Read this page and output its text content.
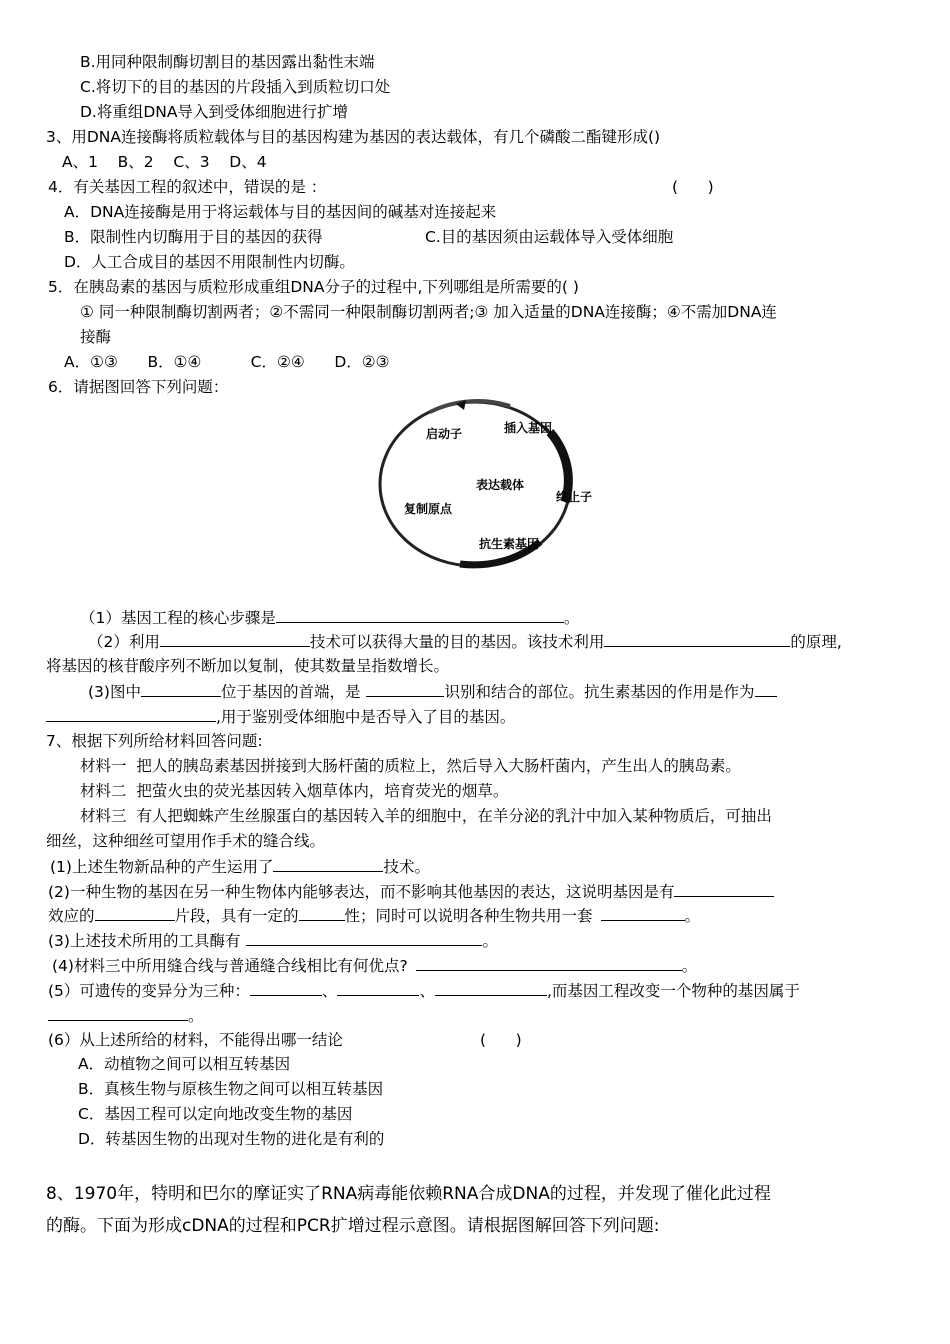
B.用同种限制酶切割目的基因露出黏性末端
C.将切下的目的基因的片段插入到质粒切口处
D.将重组DNA导入到受体细胞进行扩增
3、用DNA连接酶将质粒载体与目的基因构建为基因的表达载体，有几个磷酸二酯键形成()
A、1    B、2    C、3    D、4
4．有关基因工程的叙述中，错误的是 ：	(      )
A．DNA连接酶是用于将运载体与目的基因间的碱基对连接起来
B．限制性内切酶用于目的基因的获得	C.目的基因须由运载体导入受体细胞
D．人工合成目的基因不用限制性内切酶。
5．在胰岛素的基因与质粒形成重组DNA分子的过程中,下列哪组是所需要的( )
① 同一种限制酶切割两者；②不需同一种限制酶切割两者;③ 加入适量的DNA连接酶；④不需加DNA连
接酶
A．①③      B．①④          C．②④      D．②③
6．请据图回答下列问题：
启动子	插入基因
表达载体
终止子
复制原点
抗生素基因
（1）基因工程的核心步骤是	。
（2）利用	技术可以获得大量的目的基因。该技术利用	的原理,
将基因的核苷酸序列不断加以复制，使其数量呈指数增长。
(3)图中	位于基因的首端，是	识别和结合的部位。抗生素基因的作用是作为
,用于鉴别受体细胞中是否导入了目的基因。
7、根据下列所给材料回答问题:
材料一  把人的胰岛素基因拼接到大肠杆菌的质粒上，然后导入大肠杆菌内，产生出人的胰岛素。
材料二  把萤火虫的荧光基因转入烟草体内，培育荧光的烟草。
材料三  有人把蜘蛛产生丝腺蛋白的基因转入羊的细胞中，在羊分泌的乳汁中加入某种物质后，可抽出
细丝，这种细丝可望用作手术的缝合线。
(1)上述生物新品种的产生运用了	技术。
(2)一种生物的基因在另一种生物体内能够表达，而不影响其他基因的表达，这说明基因是有
效应的	片段，具有一定的	性；同时可以说明各种生物共用一套	。
(3)上述技术所用的工具酶有	。
(4)材料三中所用缝合线与普通缝合线相比有何优点?	。
(5）可遗传的变异分为三种：	、	、	,而基因工程改变一个物种的基因属于
。
(6）从上述所给的材料，不能得出哪一结论	(      )
A．动植物之间可以相互转基因
B．真核生物与原核生物之间可以相互转基因
C．基因工程可以定向地改变生物的基因
D．转基因生物的出现对生物的进化是有利的
8、1970年，特明和巴尔的摩证实了RNA病毒能依赖RNA合成DNA的过程，并发现了催化此过程
的酶。下面为形成cDNA的过程和PCR扩增过程示意图。请根据图解回答下列问题:
